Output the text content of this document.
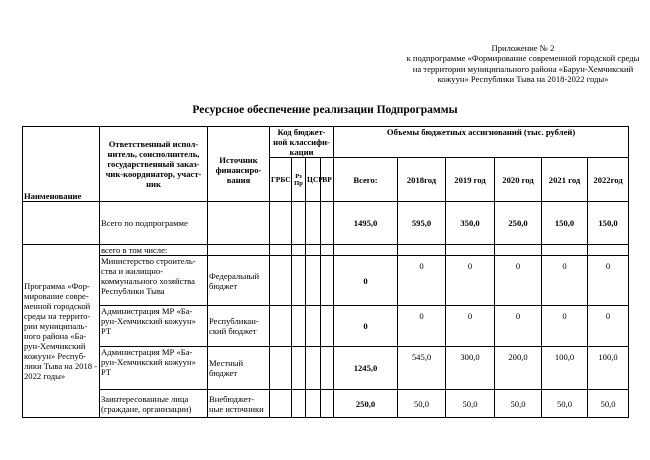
Приложение № 2
к подпрограмме «Формирование современной городской среды на территории муниципального района «Барун-Хемчикский кожуун» Республики Тыва на 2018-2022 годы»
Ресурсное обеспечение реализации Подпрограммы
Наименование	Ответственный испол-нитель, соисполнитель, государственный заказ-чик-координатор, участ-ник	Источник финансиро-вания	Код бюджет-ной классифи-кации				Объемы бюджетных ассигнований (тыс. рублей)					
			ГРБС	Рз Пр	ЦСР	ВР	Всего:	2018год	2019 год	2020 год	2021 год	2022год
	Всего по подпрограмме						1495,0	595,0	350,0	250,0	150,0	150,0
Программа «Фор-мирование совре-менной городской среды на террито-рии муниципаль-ного района «Ба-рун-Хемчикский кожуун» Респуб-лики Тыва на 2018 - 2022 годы»	всего в том числе:											
	Министерство строитель-ства и жилищно-коммунального хозяйства Республики Тыва	Федеральный бюджет					0	0	0	0	0	0
	Администрация МР «Ба-рун-Хемчикский кожуун» РТ	Республикан-ский бюджет					0	0	0	0	0	0
	Администрация МР «Ба-рун-Хемчикский кожуун» РТ	Местный бюджет					1245,0	545,0	300,0	200,0	100,0	100,0
	Заинтересованные лица (граждане, организации)	Внебюджет-ные источники					250,0	50,0	50,0	50,0	50,0	50,0
